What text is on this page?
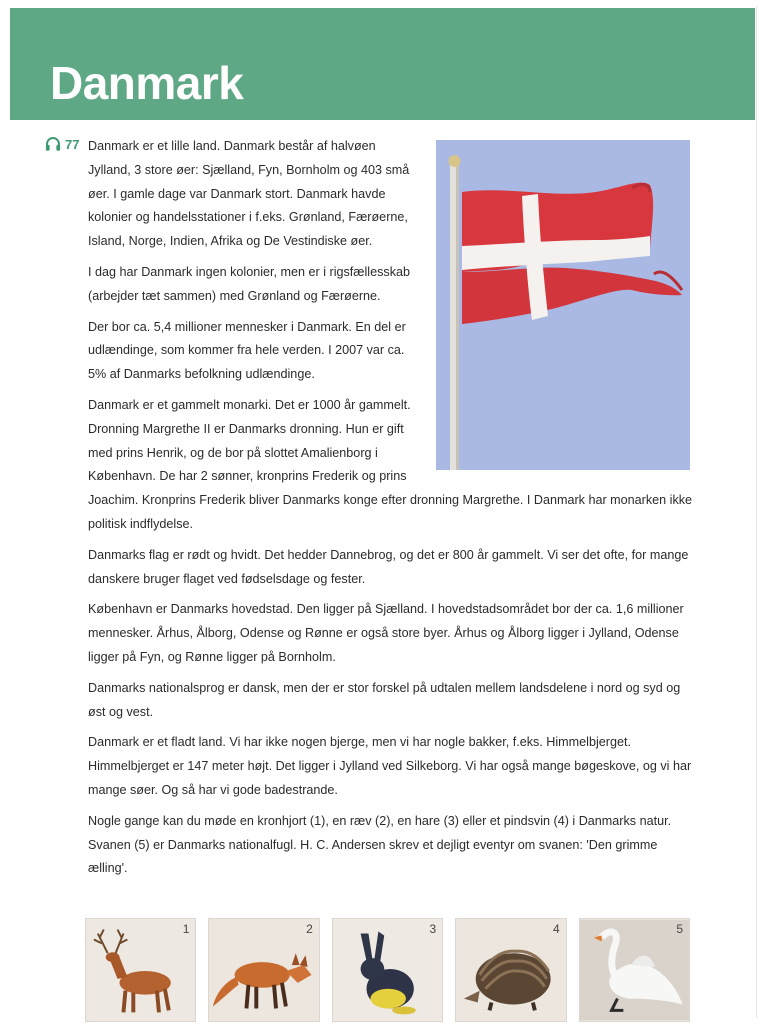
Danmark
77 Danmark er et lille land. Danmark består af halvøen Jylland, 3 store øer: Sjælland, Fyn, Bornholm og 403 små øer. I gamle dage var Danmark stort. Danmark havde kolonier og handelsstationer i f.eks. Grønland, Færøerne, Island, Norge, Indien, Afrika og De Vestindiske øer.

I dag har Danmark ingen kolonier, men er i rigsfællesskab (arbejder tæt sammen) med Grønland og Færøerne.

Der bor ca. 5,4 millioner mennesker i Danmark. En del er udlændinge, som kommer fra hele verden. I 2007 var ca. 5% af Danmarks befolkning udlændinge.

Danmark er et gammelt monarki. Det er 1000 år gammelt. Dronning Margrethe II er Danmarks dronning. Hun er gift med prins Henrik, og de bor på slottet Amalienborg i København. De har 2 sønner, kronprins Frederik og prins Joachim. Kronprins Frederik bliver Danmarks konge efter dronning Margrethe. I Danmark har monarken ikke politisk indflydelse.

Danmarks flag er rødt og hvidt. Det hedder Dannebrog, og det er 800 år gammelt. Vi ser det ofte, for mange danskere bruger flaget ved fødselsdage og fester.

København er Danmarks hovedstad. Den ligger på Sjælland. I hovedstadsområdet bor der ca. 1,6 millioner mennesker. Århus, Ålborg, Odense og Rønne er også store byer. Århus og Ålborg ligger i Jylland, Odense ligger på Fyn, og Rønne ligger på Bornholm.

Danmarks nationalsprog er dansk, men der er stor forskel på udtalen mellem landsdelene i nord og syd og øst og vest.

Danmark er et fladt land. Vi har ikke nogen bjerge, men vi har nogle bakker, f.eks. Himmelbjerget. Himmelbjerget er 147 meter højt. Det ligger i Jylland ved Silkeborg. Vi har også mange bøgeskove, og vi har mange søer. Og så har vi gode badestrande.

Nogle gange kan du møde en kronhjort (1), en ræv (2), en hare (3) eller et pindsvin (4) i Danmarks natur. Svanen (5) er Danmarks nationalfugl. H. C. Andersen skrev et dejligt eventyr om svanen: 'Den grimme ælling'.

1	2	3	4	5
